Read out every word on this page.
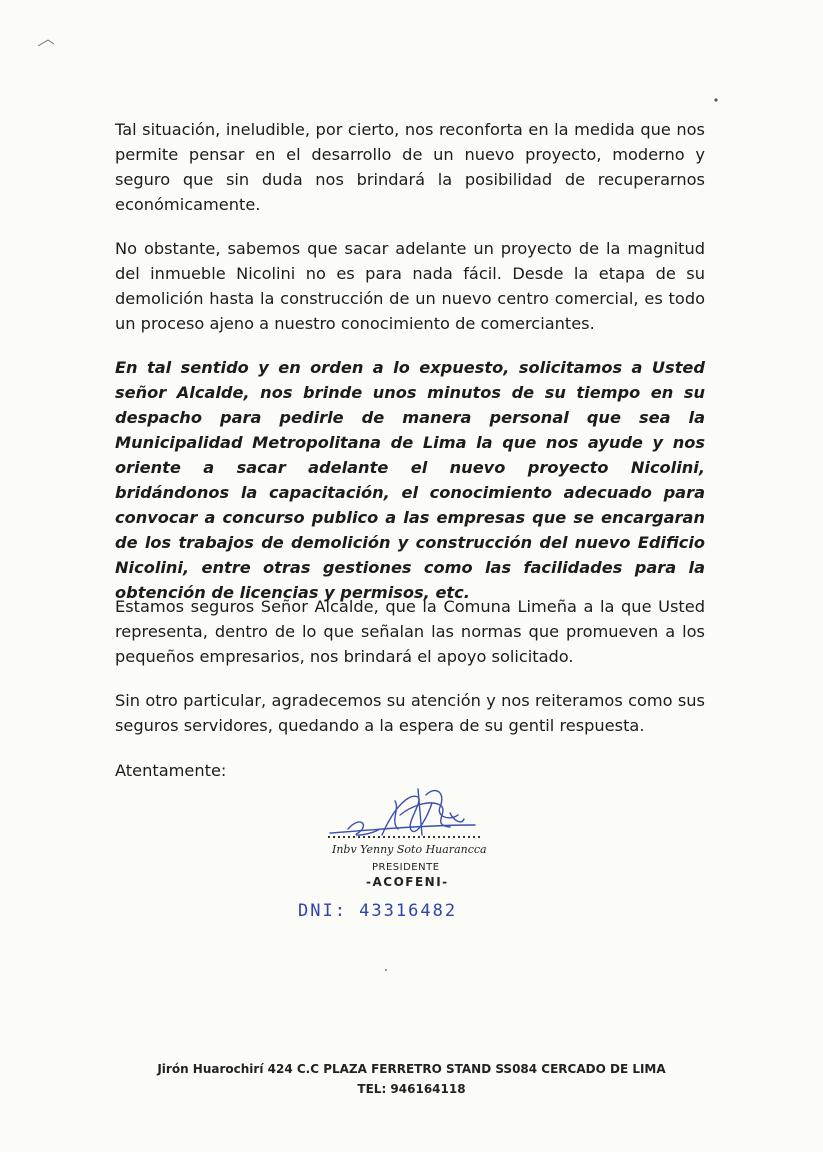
Tal situación, ineludible, por cierto, nos reconforta en la medida que nos permite pensar en el desarrollo de un nuevo proyecto, moderno y seguro que sin duda nos brindará la posibilidad de recuperarnos económicamente.

No obstante, sabemos que sacar adelante un proyecto de la magnitud del inmueble Nicolini no es para nada fácil. Desde la etapa de su demolición hasta la construcción de un nuevo centro comercial, es todo un proceso ajeno a nuestro conocimiento de comerciantes.

En tal sentido y en orden a lo expuesto, solicitamos a Usted señor Alcalde, nos brinde unos minutos de su tiempo en su despacho para pedirle de manera personal que sea la Municipalidad Metropolitana de Lima la que nos ayude y nos oriente a sacar adelante el nuevo proyecto Nicolini, bridándonos la capacitación, el conocimiento adecuado para convocar a concurso publico a las empresas que se encargaran de los trabajos de demolición y construcción del nuevo Edificio Nicolini, entre otras gestiones como las facilidades para la obtención de licencias y permisos, etc.

Estamos seguros Señor Alcalde, que la Comuna Limeña a la que Usted representa, dentro de lo que señalan las normas que promueven a los pequeños empresarios, nos brindará el apoyo solicitado.

Sin otro particular, agradecemos su atención y nos reiteramos como sus seguros servidores, quedando a la espera de su gentil respuesta.

Atentamente:

Inbv Yenny Soto Huarancca
PRESIDENTE
-ACOFENI-
DNI: 43316482
Jirón Huarochirí 424 C.C PLAZA FERRETRO STAND SS084 CERCADO DE LIMA
TEL: 946164118
